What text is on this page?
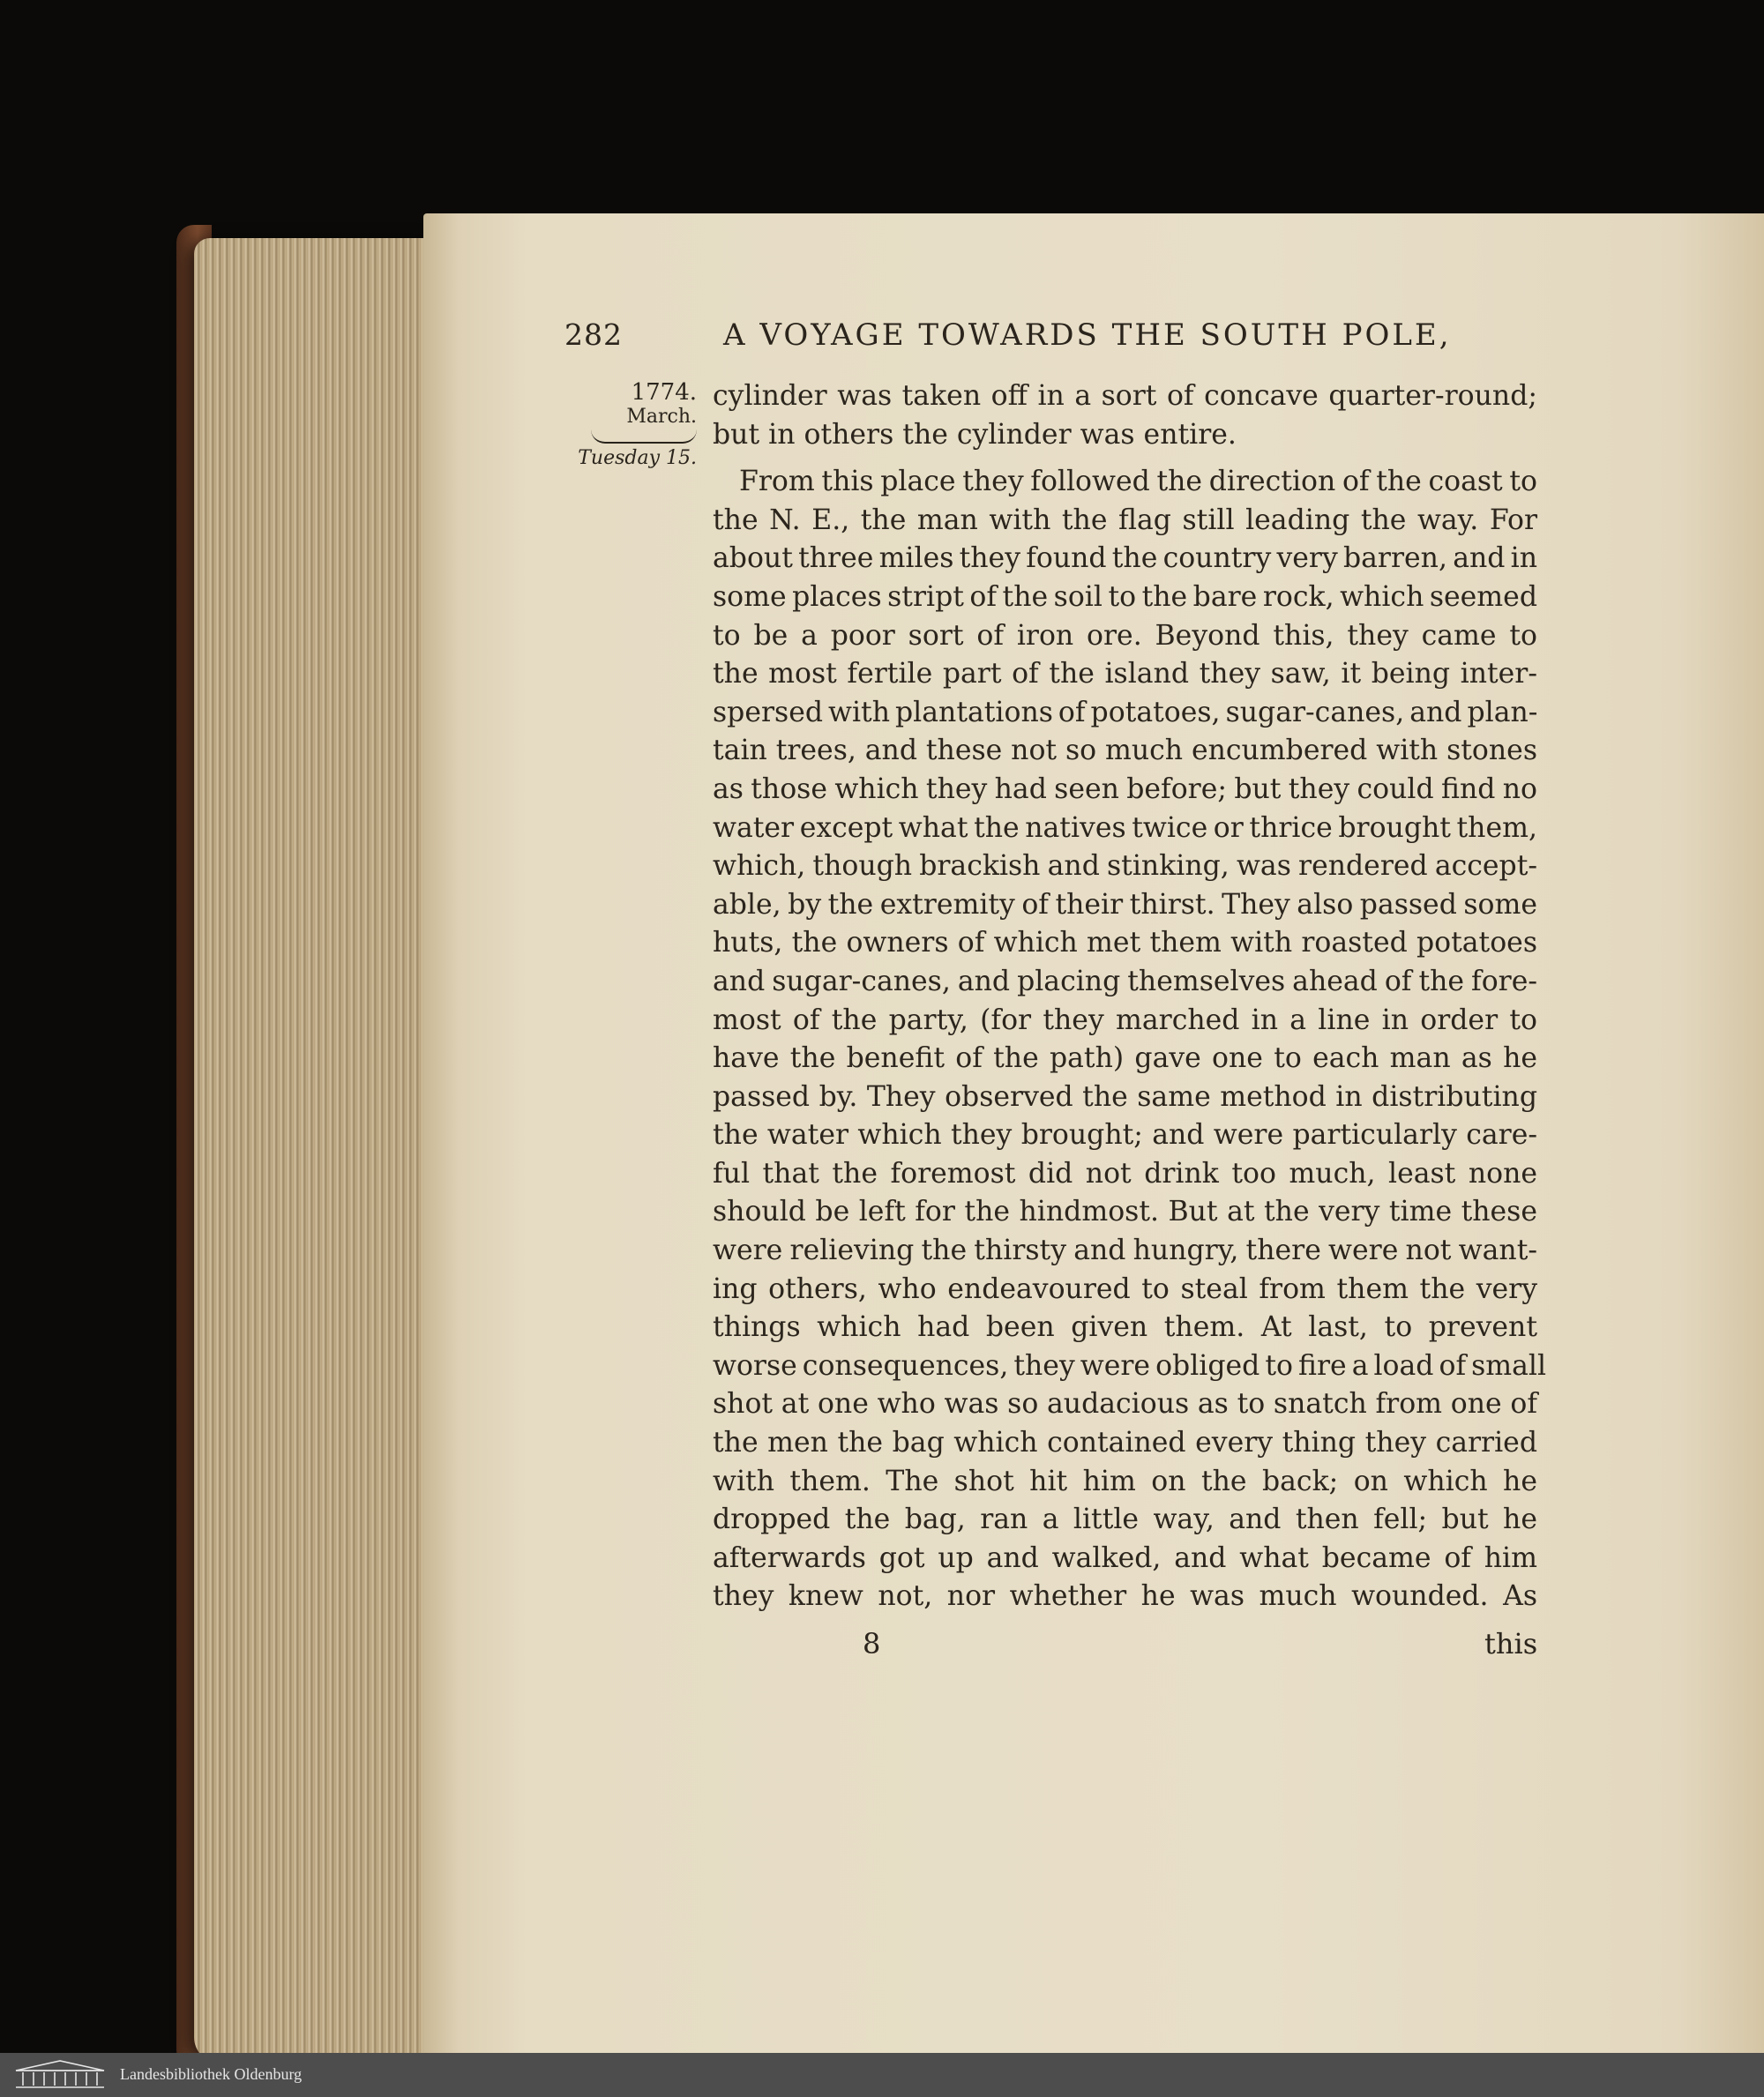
282	A VOYAGE TOWARDS THE SOUTH POLE,
1774.
March.
Tuesday 15.
cylinder was taken off in a sort of concave quarter-round;
but in others the cylinder was entire.
From this place they followed the direction of the coast to
the N. E., the man with the flag still leading the way. For
about three miles they found the country very barren, and in
some places stript of the soil to the bare rock, which seemed
to be a poor sort of iron ore. Beyond this, they came to
the most fertile part of the island they saw, it being inter-
spersed with plantations of potatoes, sugar-canes, and plan-
tain trees, and these not so much encumbered with stones
as those which they had seen before; but they could find no
water except what the natives twice or thrice brought them,
which, though brackish and stinking, was rendered accept-
able, by the extremity of their thirst. They also passed some
huts, the owners of which met them with roasted potatoes
and sugar-canes, and placing themselves ahead of the fore-
most of the party, (for they marched in a line in order to
have the benefit of the path) gave one to each man as he
passed by. They observed the same method in distributing
the water which they brought; and were particularly care-
ful that the foremost did not drink too much, least none
should be left for the hindmost. But at the very time these
were relieving the thirsty and hungry, there were not want-
ing others, who endeavoured to steal from them the very
things which had been given them. At last, to prevent
worse consequences, they were obliged to fire a load of small
shot at one who was so audacious as to snatch from one of
the men the bag which contained every thing they carried
with them. The shot hit him on the back; on which he
dropped the bag, ran a little way, and then fell; but he
afterwards got up and walked, and what became of him
they knew not, nor whether he was much wounded. As
8	this
Landesbibliothek Oldenburg
